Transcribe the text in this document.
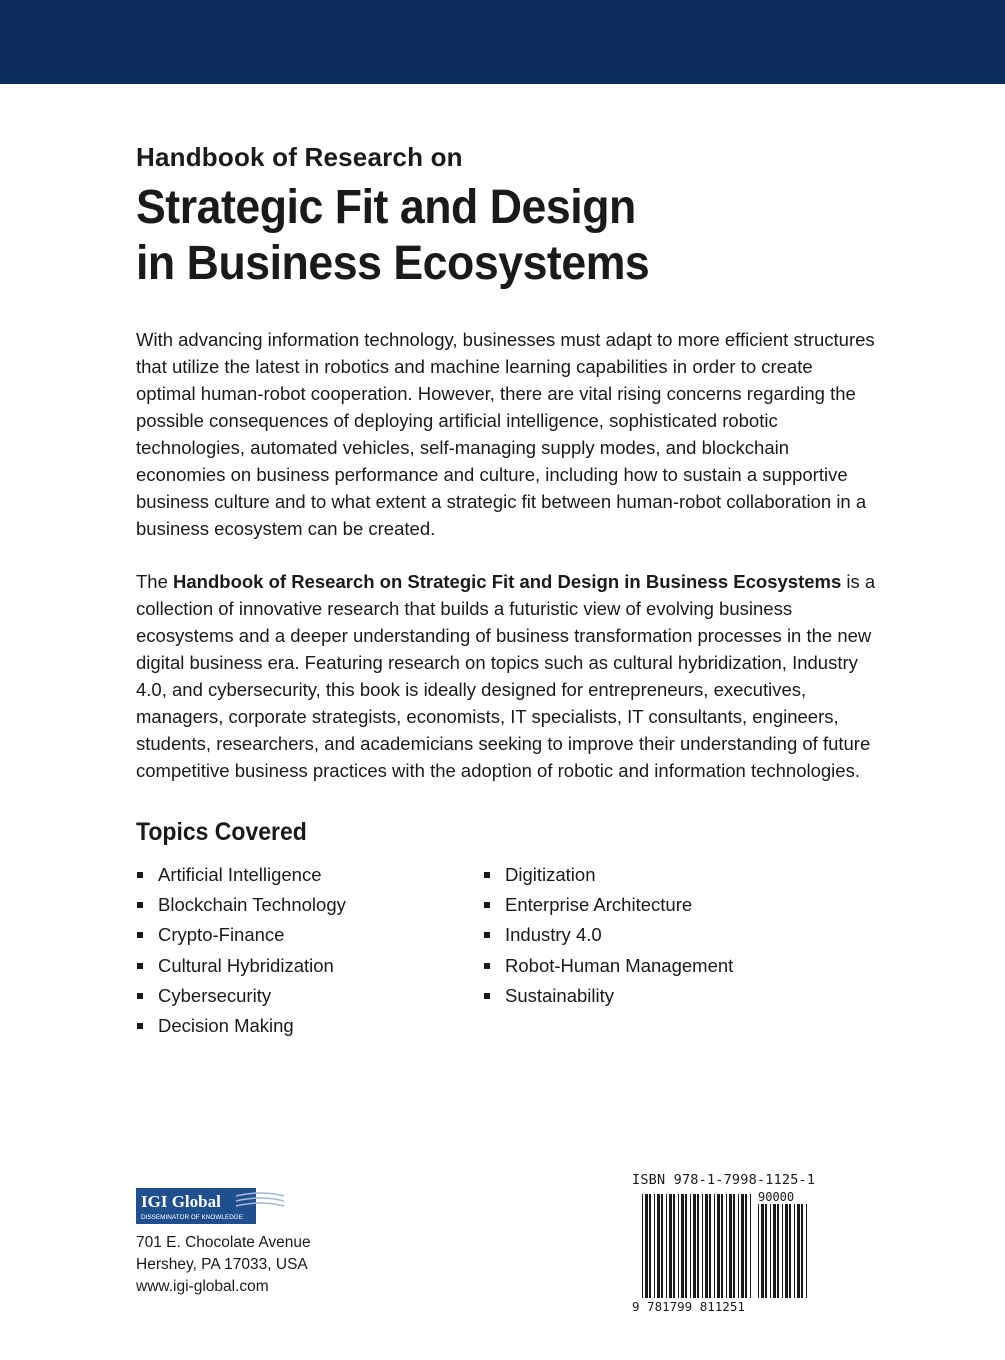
Handbook of Research on
Strategic Fit and Design
in Business Ecosystems

With advancing information technology, businesses must adapt to more efficient structures that utilize the latest in robotics and machine learning capabilities in order to create optimal human-robot cooperation. However, there are vital rising concerns regarding the possible consequences of deploying artificial intelligence, sophisticated robotic technologies, automated vehicles, self-managing supply modes, and blockchain economies on business performance and culture, including how to sustain a supportive business culture and to what extent a strategic fit between human-robot collaboration in a business ecosystem can be created.

The Handbook of Research on Strategic Fit and Design in Business Ecosystems is a collection of innovative research that builds a futuristic view of evolving business ecosystems and a deeper understanding of business transformation processes in the new digital business era. Featuring research on topics such as cultural hybridization, Industry 4.0, and cybersecurity, this book is ideally designed for entrepreneurs, executives, managers, corporate strategists, economists, IT specialists, IT consultants, engineers, students, researchers, and academicians seeking to improve their understanding of future competitive business practices with the adoption of robotic and information technologies.

Topics Covered
Artificial Intelligence
Blockchain Technology
Crypto-Finance
Cultural Hybridization
Cybersecurity
Decision Making
Digitization
Enterprise Architecture
Industry 4.0
Robot-Human Management
Sustainability
IGI Global
DISSEMINATOR OF KNOWLEDGE
701 E. Chocolate Avenue
Hershey, PA 17033, USA
www.igi-global.com
ISBN 978-1-7998-1125-1
90000
9 781799 811251
